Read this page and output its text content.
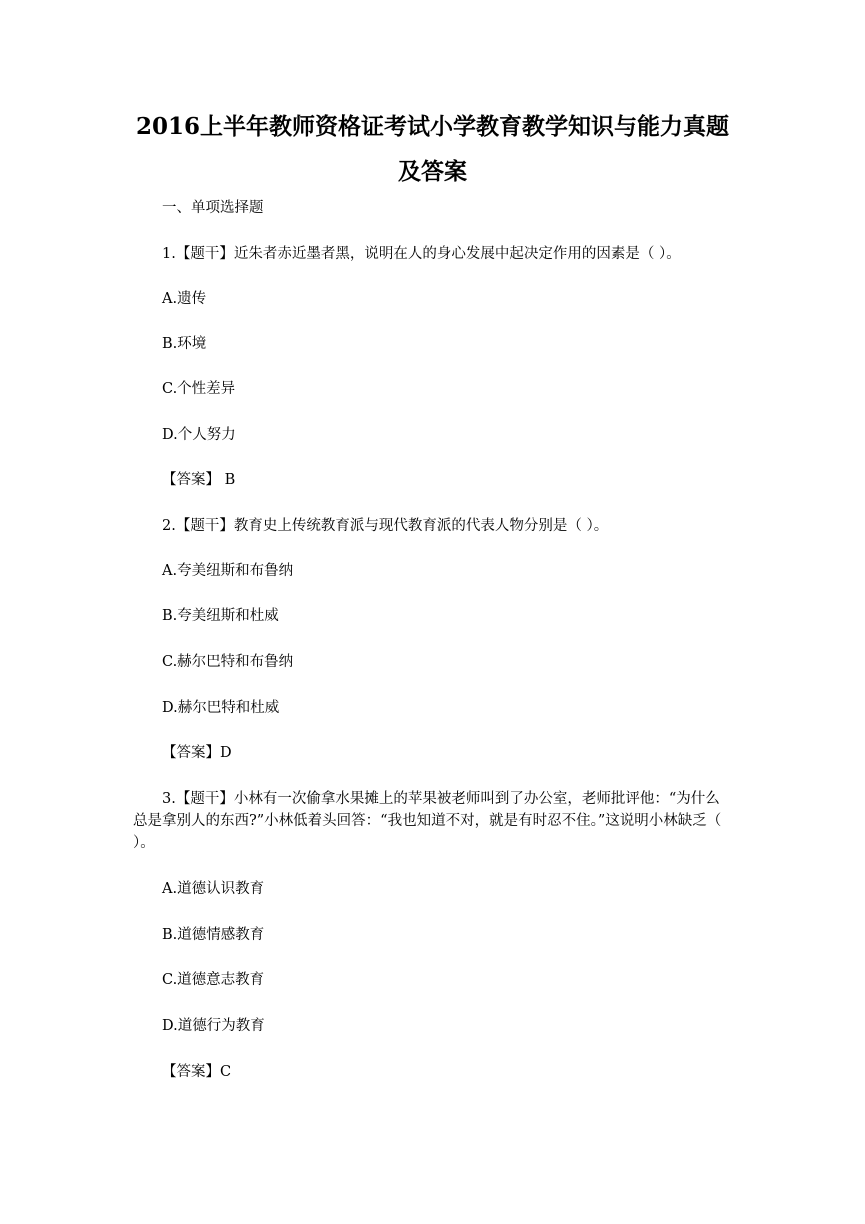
2016上半年教师资格证考试小学教育教学知识与能力真题
及答案

一、单项选择题

1.【题干】近朱者赤近墨者黑，说明在人的身心发展中起决定作用的因素是（ ）。

A.遗传

B.环境

C.个性差异

D.个人努力

【答案】 B

2.【题干】教育史上传统教育派与现代教育派的代表人物分别是（ ）。

A.夸美纽斯和布鲁纳

B.夸美纽斯和杜威

C.赫尔巴特和布鲁纳

D.赫尔巴特和杜威

【答案】D

3.【题干】小林有一次偷拿水果摊上的苹果被老师叫到了办公室，老师批评他：“为什么总是拿别人的东西?”小林低着头回答：“我也知道不对，就是有时忍不住。”这说明小林缺乏（ ）。

A.道德认识教育

B.道德情感教育

C.道德意志教育

D.道德行为教育

【答案】C
